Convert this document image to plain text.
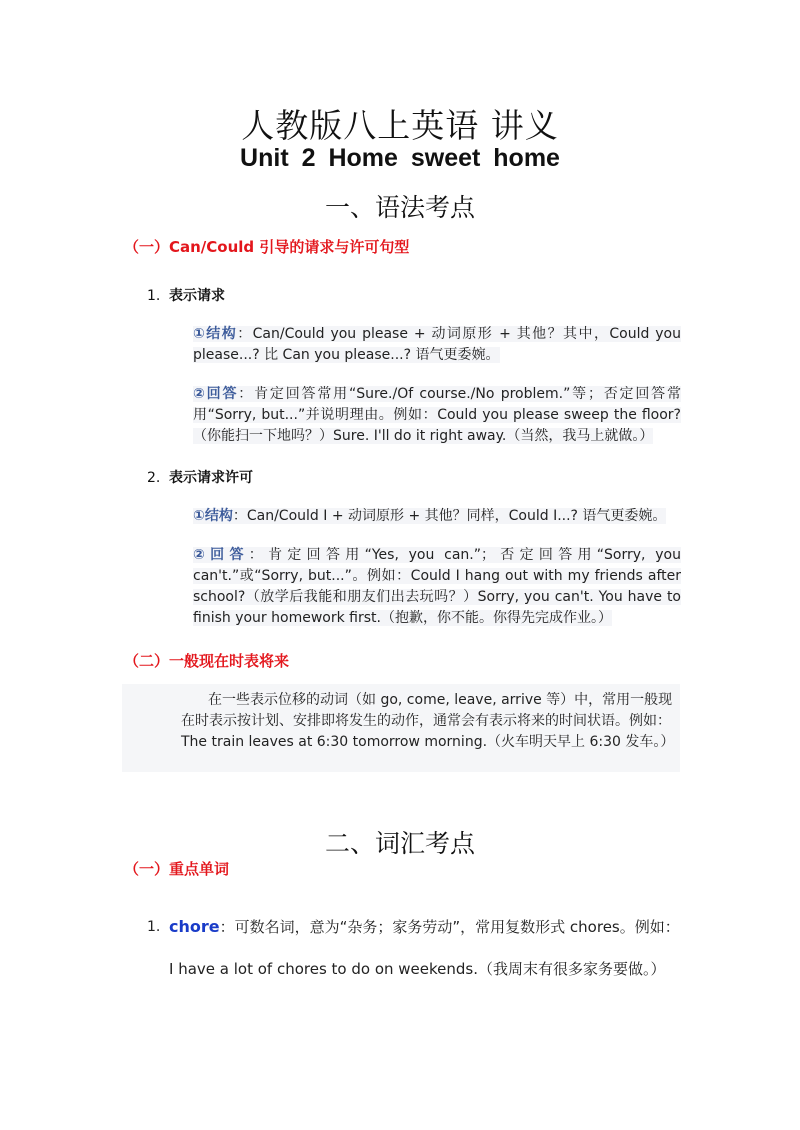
人教版八上英语 讲义
Unit 2 Home sweet home
一、语法考点
（一）Can/Could 引导的请求与许可句型
1. 表示请求
①结构：Can/Could you please + 动词原形 + 其他？其中，Could you please...? 比 Can you please...? 语气更委婉。
②回答：肯定回答常用“Sure./Of course./No problem.”等；否定回答常用“Sorry, but...”并说明理由。例如：Could you please sweep the floor?（你能扫一下地吗？）Sure. I'll do it right away.（当然，我马上就做。）
2. 表示请求许可
①结构：Can/Could I + 动词原形 + 其他？同样，Could I...? 语气更委婉。
②回答：肯定回答用“Yes, you can.”；否定回答用“Sorry, you can't.”或“Sorry, but...”。例如：Could I hang out with my friends after school?（放学后我能和朋友们出去玩吗？）Sorry, you can't. You have to finish your homework first.（抱歉，你不能。你得先完成作业。）
（二）一般现在时表将来
在一些表示位移的动词（如 go, come, leave, arrive 等）中，常用一般现在时表示按计划、安排即将发生的动作，通常会有表示将来的时间状语。例如：The train leaves at 6:30 tomorrow morning.（火车明天早上 6:30 发车。）
二、词汇考点
（一）重点单词
1. chore：可数名词，意为“杂务；家务劳动”，常用复数形式 chores。例如：I have a lot of chores to do on weekends.（我周末有很多家务要做。）
